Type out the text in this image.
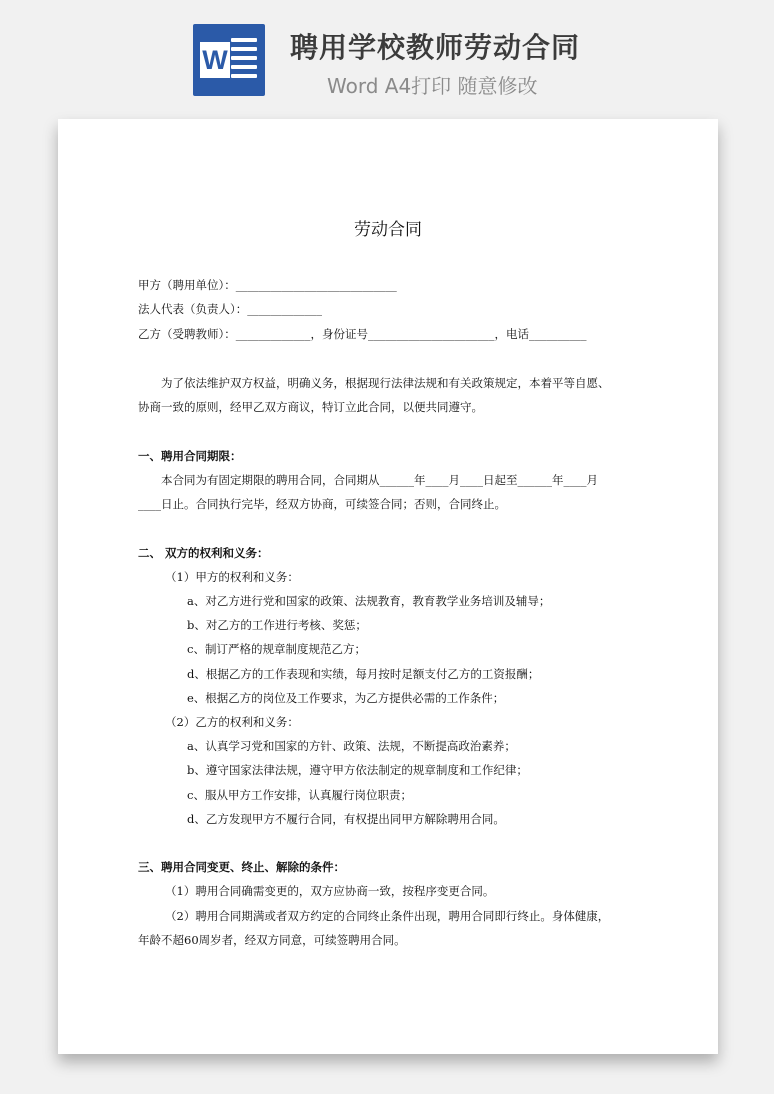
W 聘用学校教师劳动合同
Word A4打印 随意修改
劳动合同
甲方（聘用单位）：____________________________
法人代表（负责人）：_____________
乙方（受聘教师）：_____________，身份证号______________________，电话__________
为了依法维护双方权益，明确义务，根据现行法律法规和有关政策规定，本着平等自愿、
协商一致的原则，经甲乙双方商议，特订立此合同，以便共同遵守。
一、聘用合同期限：
本合同为有固定期限的聘用合同，合同期从______年____月____日起至______年____月
____日止。合同执行完毕，经双方协商，可续签合同；否则，合同终止。
二、 双方的权利和义务：
（1）甲方的权利和义务：
a、对乙方进行党和国家的政策、法规教育，教育教学业务培训及辅导；
b、对乙方的工作进行考核、奖惩；
c、制订严格的规章制度规范乙方；
d、根据乙方的工作表现和实绩，每月按时足额支付乙方的工资报酬；
e、根据乙方的岗位及工作要求，为乙方提供必需的工作条件；
（2）乙方的权利和义务：
a、认真学习党和国家的方针、政策、法规，不断提高政治素养；
b、遵守国家法律法规，遵守甲方依法制定的规章制度和工作纪律；
c、服从甲方工作安排，认真履行岗位职责；
d、乙方发现甲方不履行合同，有权提出同甲方解除聘用合同。
三、聘用合同变更、终止、解除的条件：
（1）聘用合同确需变更的，双方应协商一致，按程序变更合同。
（2）聘用合同期满或者双方约定的合同终止条件出现，聘用合同即行终止。身体健康，
年龄不超60周岁者，经双方同意，可续签聘用合同。
